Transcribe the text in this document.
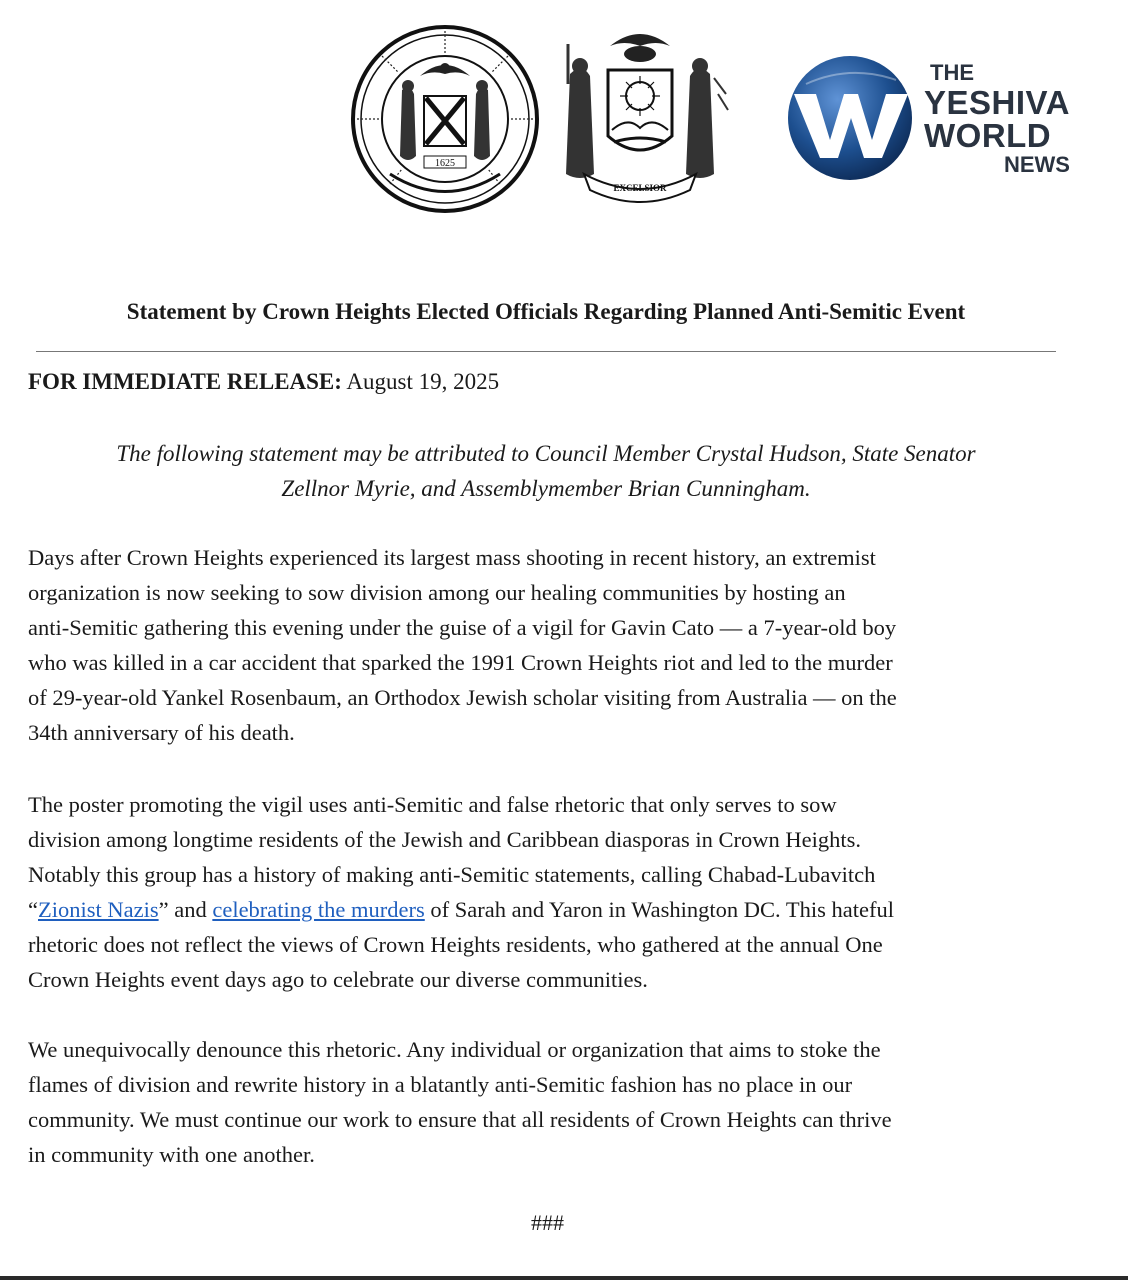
1625
EXCELSIOR
THE
YESHIVA
WORLD
NEWS
Statement by Crown Heights Elected Officials Regarding Planned Anti-Semitic Event
FOR IMMEDIATE RELEASE: August 19, 2025
The following statement may be attributed to Council Member Crystal Hudson, State Senator
Zellnor Myrie, and Assemblymember Brian Cunningham.
Days after Crown Heights experienced its largest mass shooting in recent history, an extremist
organization is now seeking to sow division among our healing communities by hosting an
anti-Semitic gathering this evening under the guise of a vigil for Gavin Cato — a 7-year-old boy
who was killed in a car accident that sparked the 1991 Crown Heights riot and led to the murder
of 29-year-old Yankel Rosenbaum, an Orthodox Jewish scholar visiting from Australia — on the
34th anniversary of his death.
The poster promoting the vigil uses anti-Semitic and false rhetoric that only serves to sow
division among longtime residents of the Jewish and Caribbean diasporas in Crown Heights.
Notably this group has a history of making anti-Semitic statements, calling Chabad-Lubavitch
“Zionist Nazis” and celebrating the murders of Sarah and Yaron in Washington DC. This hateful
rhetoric does not reflect the views of Crown Heights residents, who gathered at the annual One
Crown Heights event days ago to celebrate our diverse communities.
We unequivocally denounce this rhetoric. Any individual or organization that aims to stoke the
flames of division and rewrite history in a blatantly anti-Semitic fashion has no place in our
community. We must continue our work to ensure that all residents of Crown Heights can thrive
in community with one another.
###
